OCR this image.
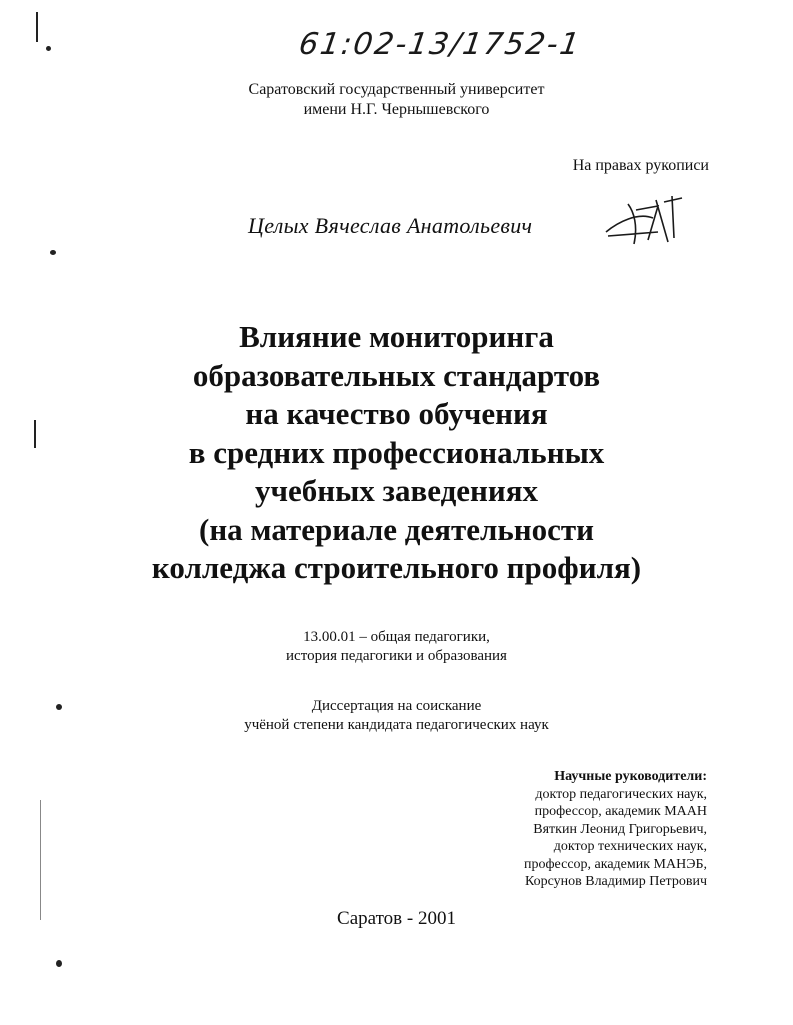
61:02-13/1752-1
Саратовский государственный университет
имени Н.Г. Чернышевского
На правах рукописи
Целых Вячеслав Анатольевич
Влияние мониторинга
образовательных стандартов
на качество обучения
в средних профессиональных
учебных заведениях
(на материале деятельности
колледжа строительного профиля)
13.00.01 – общая педагогики,
история педагогики и образования
Диссертация на соискание
учёной степени кандидата педагогических наук
Научные руководители:
доктор педагогических наук,
профессор, академик МААН
Вяткин Леонид Григорьевич,
доктор технических наук,
профессор, академик МАНЭБ,
Корсунов Владимир Петрович
Саратов - 2001
